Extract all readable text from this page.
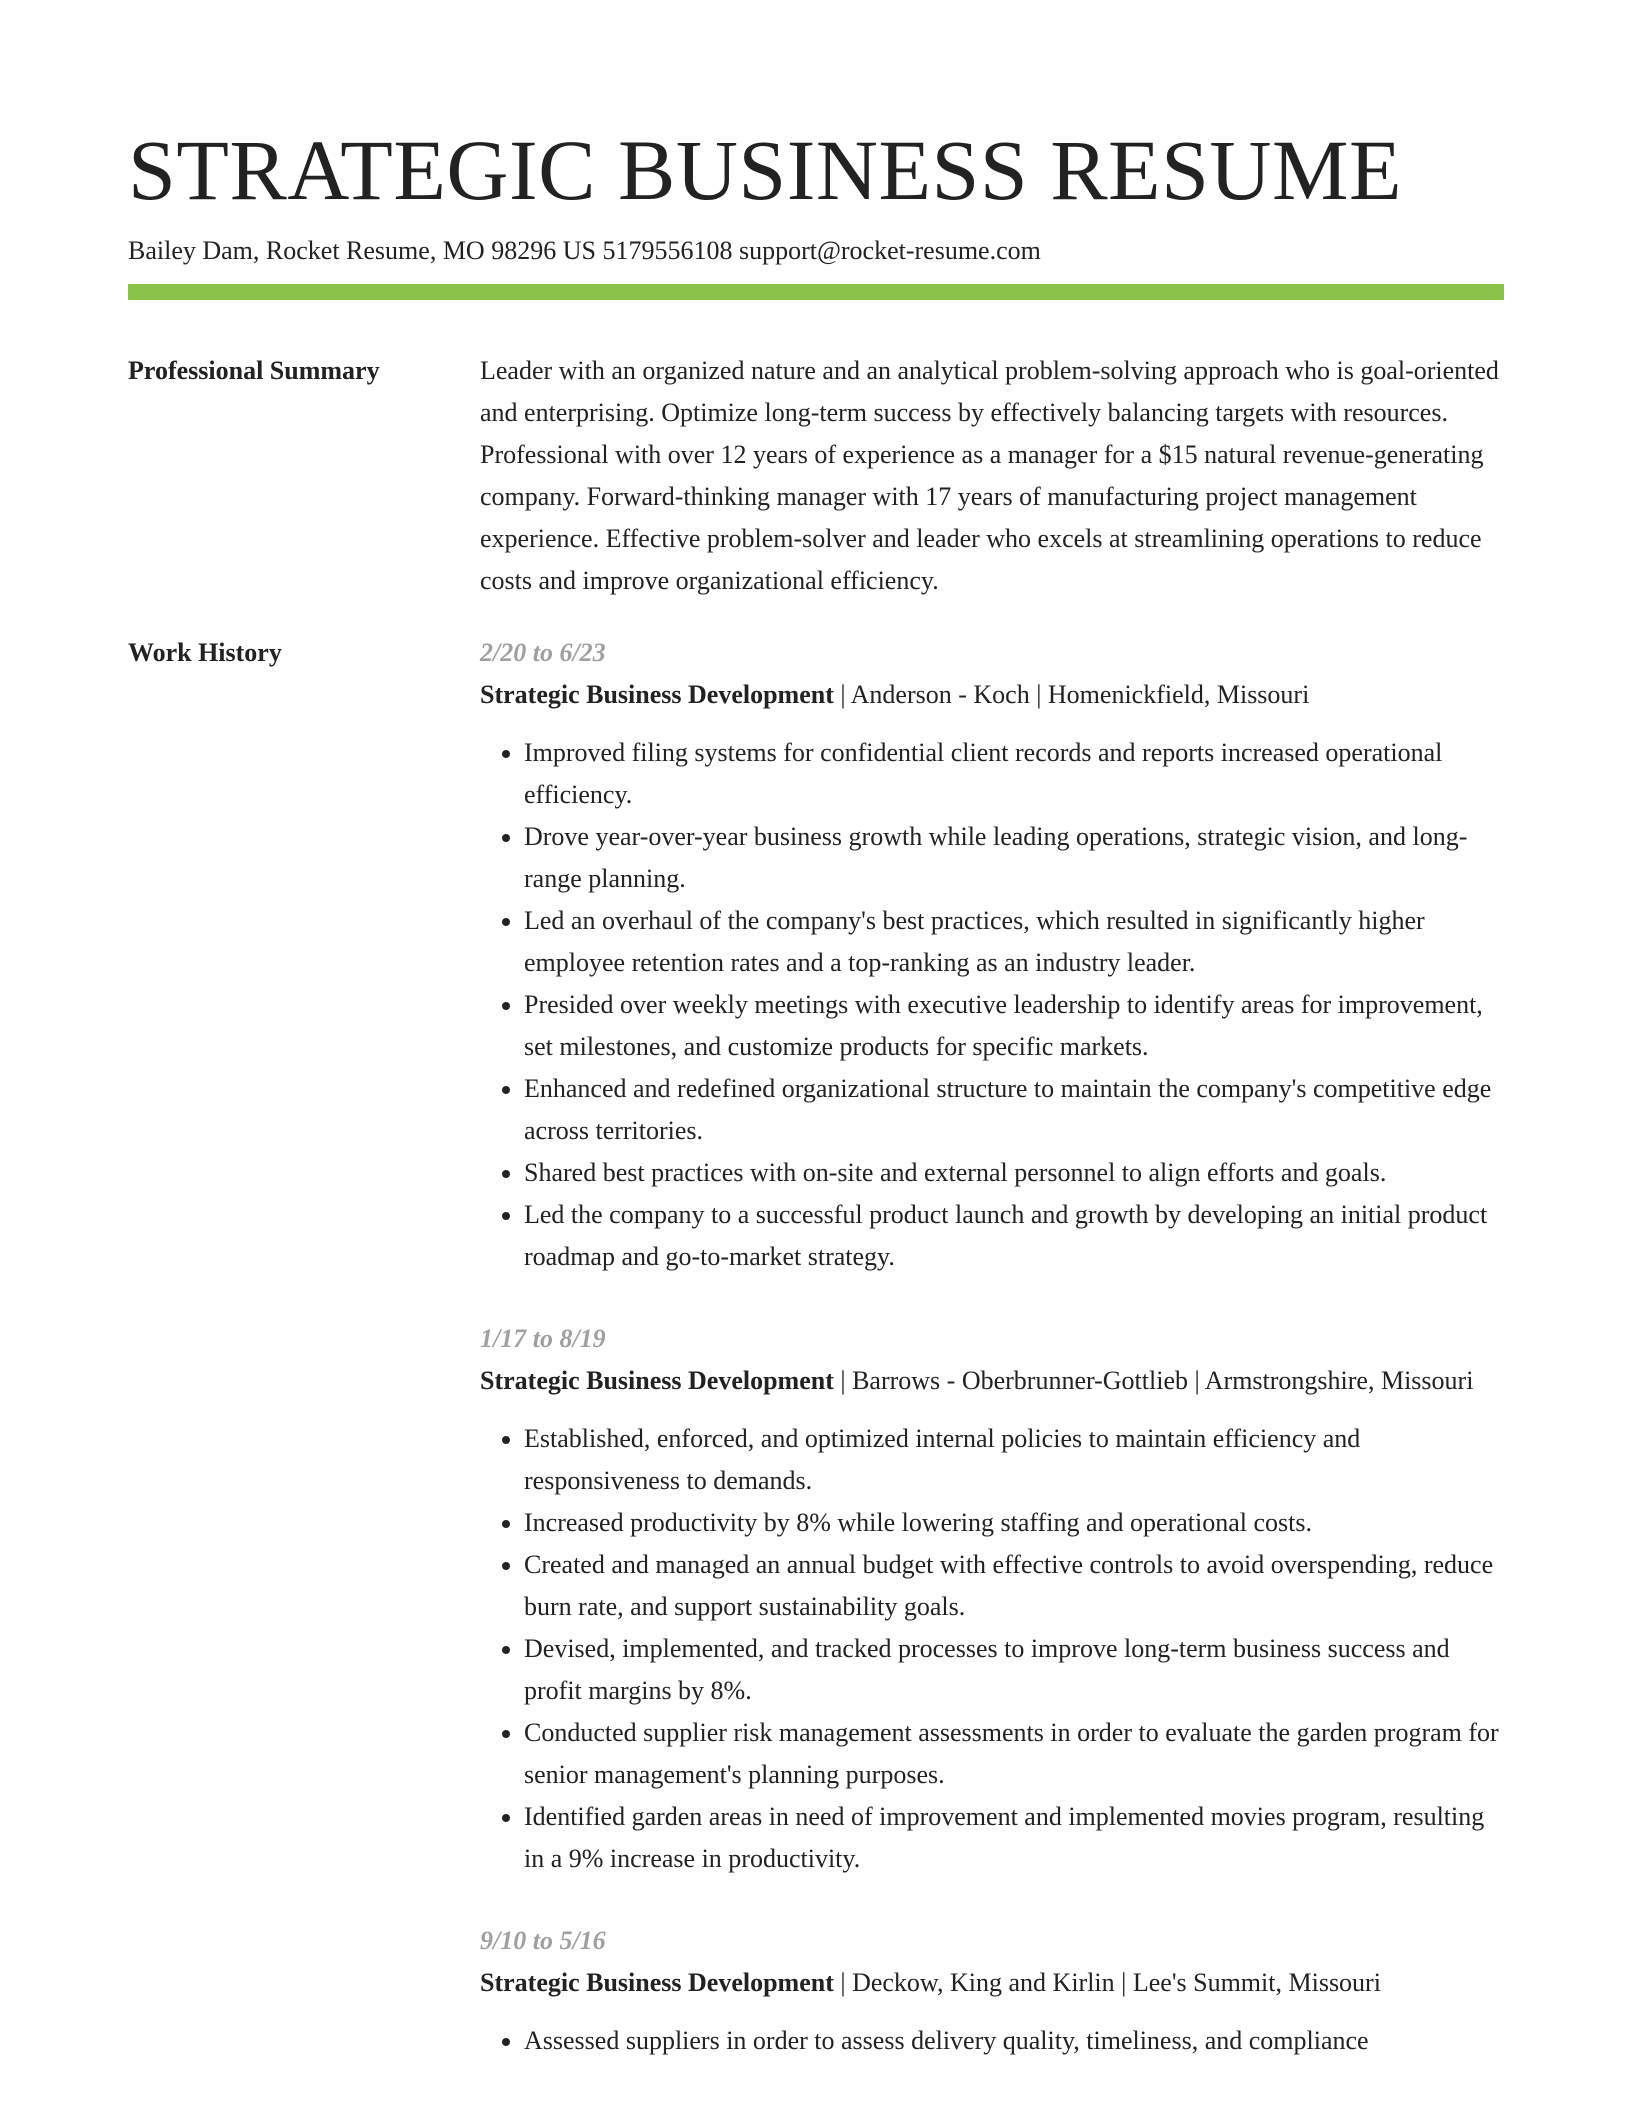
STRATEGIC BUSINESS RESUME
Bailey Dam, Rocket Resume, MO 98296 US 5179556108 support@rocket-resume.com
Professional Summary	Leader with an organized nature and an analytical problem-solving approach who is goal-oriented and enterprising. Optimize long-term success by effectively balancing targets with resources. Professional with over 12 years of experience as a manager for a $15 natural revenue-generating company. Forward-thinking manager with 17 years of manufacturing project management experience. Effective problem-solver and leader who excels at streamlining operations to reduce costs and improve organizational efficiency.

Work History	2/20 to 6/23
Strategic Business Development | Anderson - Koch | Homenickfield, Missouri
• Improved filing systems for confidential client records and reports increased operational efficiency.
• Drove year-over-year business growth while leading operations, strategic vision, and long-range planning.
• Led an overhaul of the company's best practices, which resulted in significantly higher employee retention rates and a top-ranking as an industry leader.
• Presided over weekly meetings with executive leadership to identify areas for improvement, set milestones, and customize products for specific markets.
• Enhanced and redefined organizational structure to maintain the company's competitive edge across territories.
• Shared best practices with on-site and external personnel to align efforts and goals.
• Led the company to a successful product launch and growth by developing an initial product roadmap and go-to-market strategy.
1/17 to 8/19
Strategic Business Development | Barrows - Oberbrunner-Gottlieb | Armstrongshire, Missouri
• Established, enforced, and optimized internal policies to maintain efficiency and responsiveness to demands.
• Increased productivity by 8% while lowering staffing and operational costs.
• Created and managed an annual budget with effective controls to avoid overspending, reduce burn rate, and support sustainability goals.
• Devised, implemented, and tracked processes to improve long-term business success and profit margins by 8%.
• Conducted supplier risk management assessments in order to evaluate the garden program for senior management's planning purposes.
• Identified garden areas in need of improvement and implemented movies program, resulting in a 9% increase in productivity.
9/10 to 5/16
Strategic Business Development | Deckow, King and Kirlin | Lee's Summit, Missouri
• Assessed suppliers in order to assess delivery quality, timeliness, and compliance
